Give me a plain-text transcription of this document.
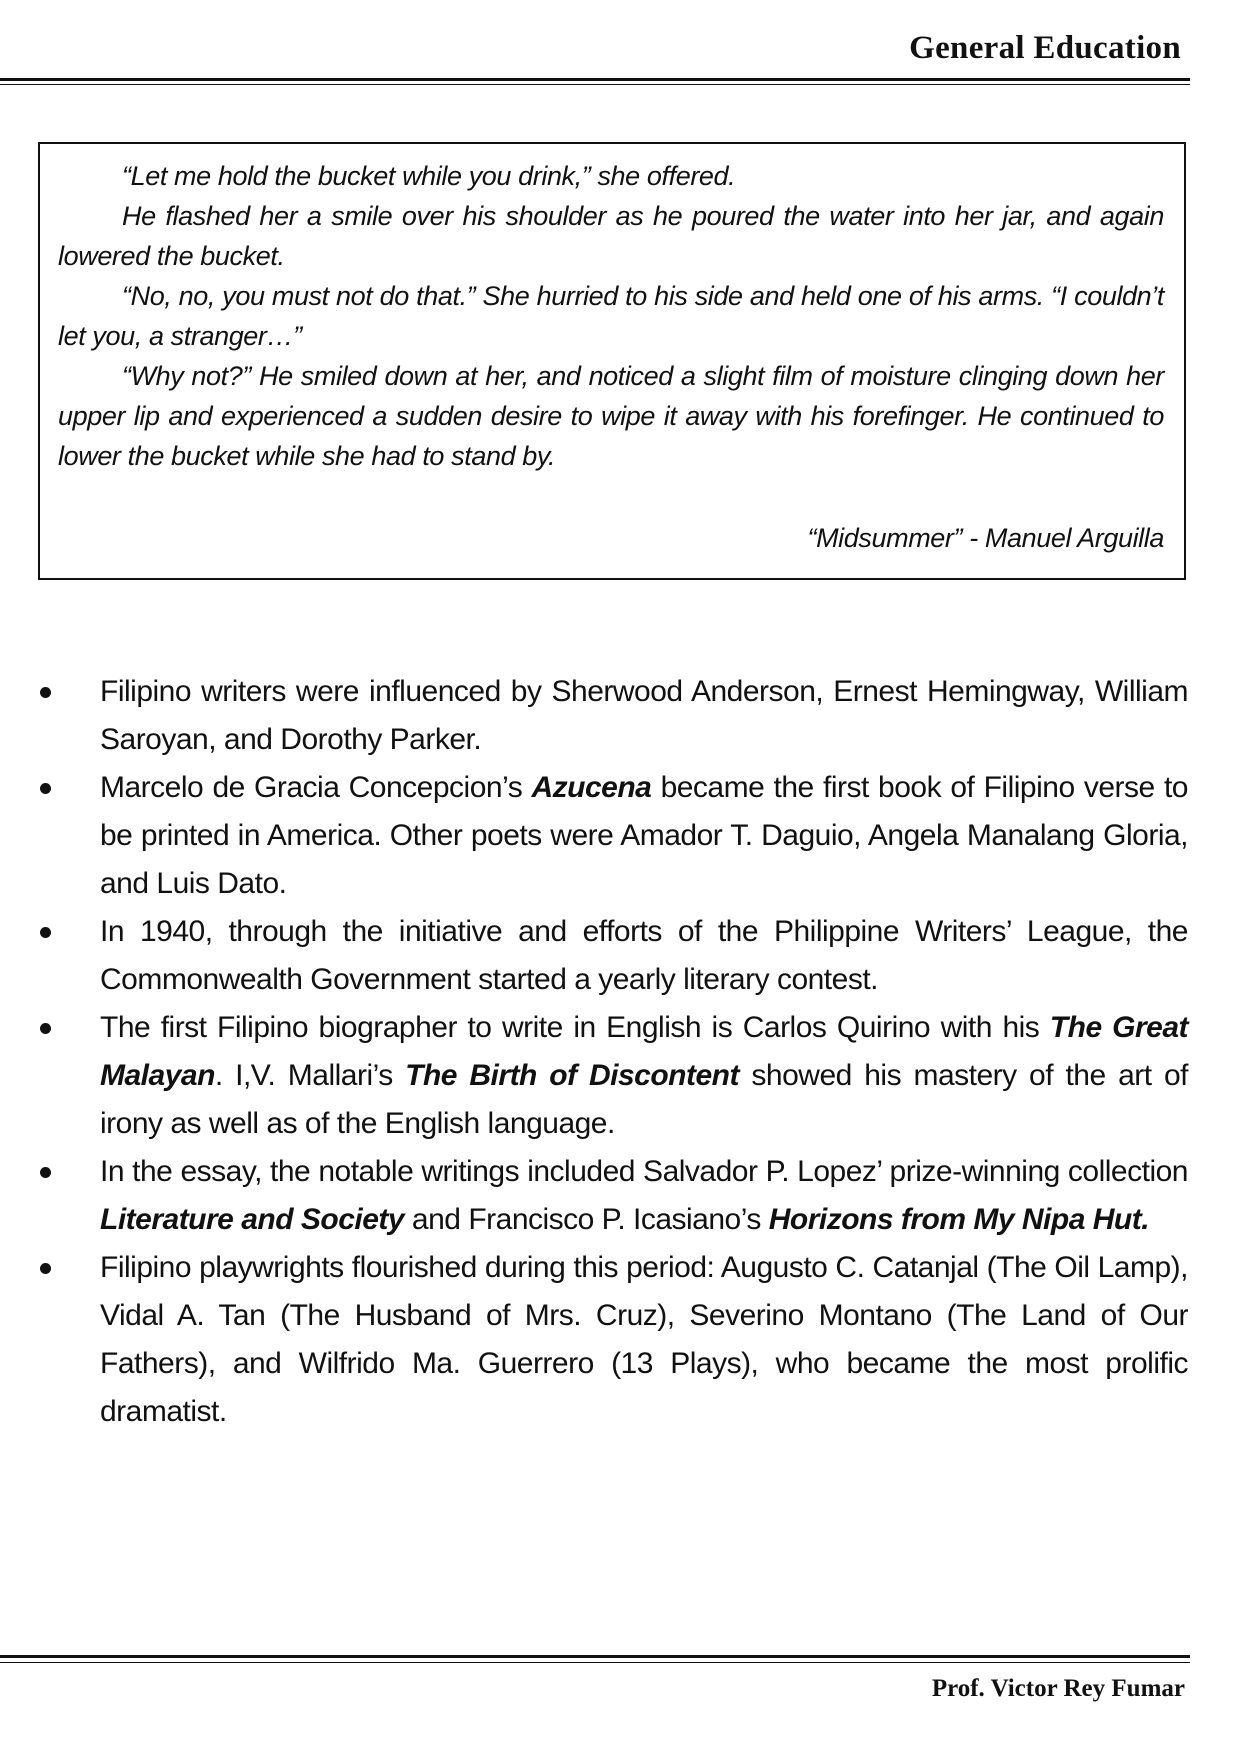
General Education

“Let me hold the bucket while you drink,” she offered.

He flashed her a smile over his shoulder as he poured the water into her jar, and again lowered the bucket.

“No, no, you must not do that.” She hurried to his side and held one of his arms. “I couldn’t let you, a stranger…”

“Why not?” He smiled down at her, and noticed a slight film of moisture clinging down her upper lip and experienced a sudden desire to wipe it away with his forefinger. He continued to lower the bucket while she had to stand by.

“Midsummer” - Manuel Arguilla

Filipino writers were influenced by Sherwood Anderson, Ernest Hemingway, William Saroyan, and Dorothy Parker.
Marcelo de Gracia Concepcion’s Azucena became the first book of Filipino verse to be printed in America. Other poets were Amador T. Daguio, Angela Manalang Gloria, and Luis Dato.
In 1940, through the initiative and efforts of the Philippine Writers’ League, the Commonwealth Government started a yearly literary contest.
The first Filipino biographer to write in English is Carlos Quirino with his The Great Malayan. I,V. Mallari’s The Birth of Discontent showed his mastery of the art of irony as well as of the English language.
In the essay, the notable writings included Salvador P. Lopez’ prize-winning collection Literature and Society and Francisco P. Icasiano’s Horizons from My Nipa Hut.
Filipino playwrights flourished during this period: Augusto C. Catanjal (The Oil Lamp), Vidal A. Tan (The Husband of Mrs. Cruz), Severino Montano (The Land of Our Fathers), and Wilfrido Ma. Guerrero (13 Plays), who became the most prolific dramatist.
Prof. Victor Rey Fumar
